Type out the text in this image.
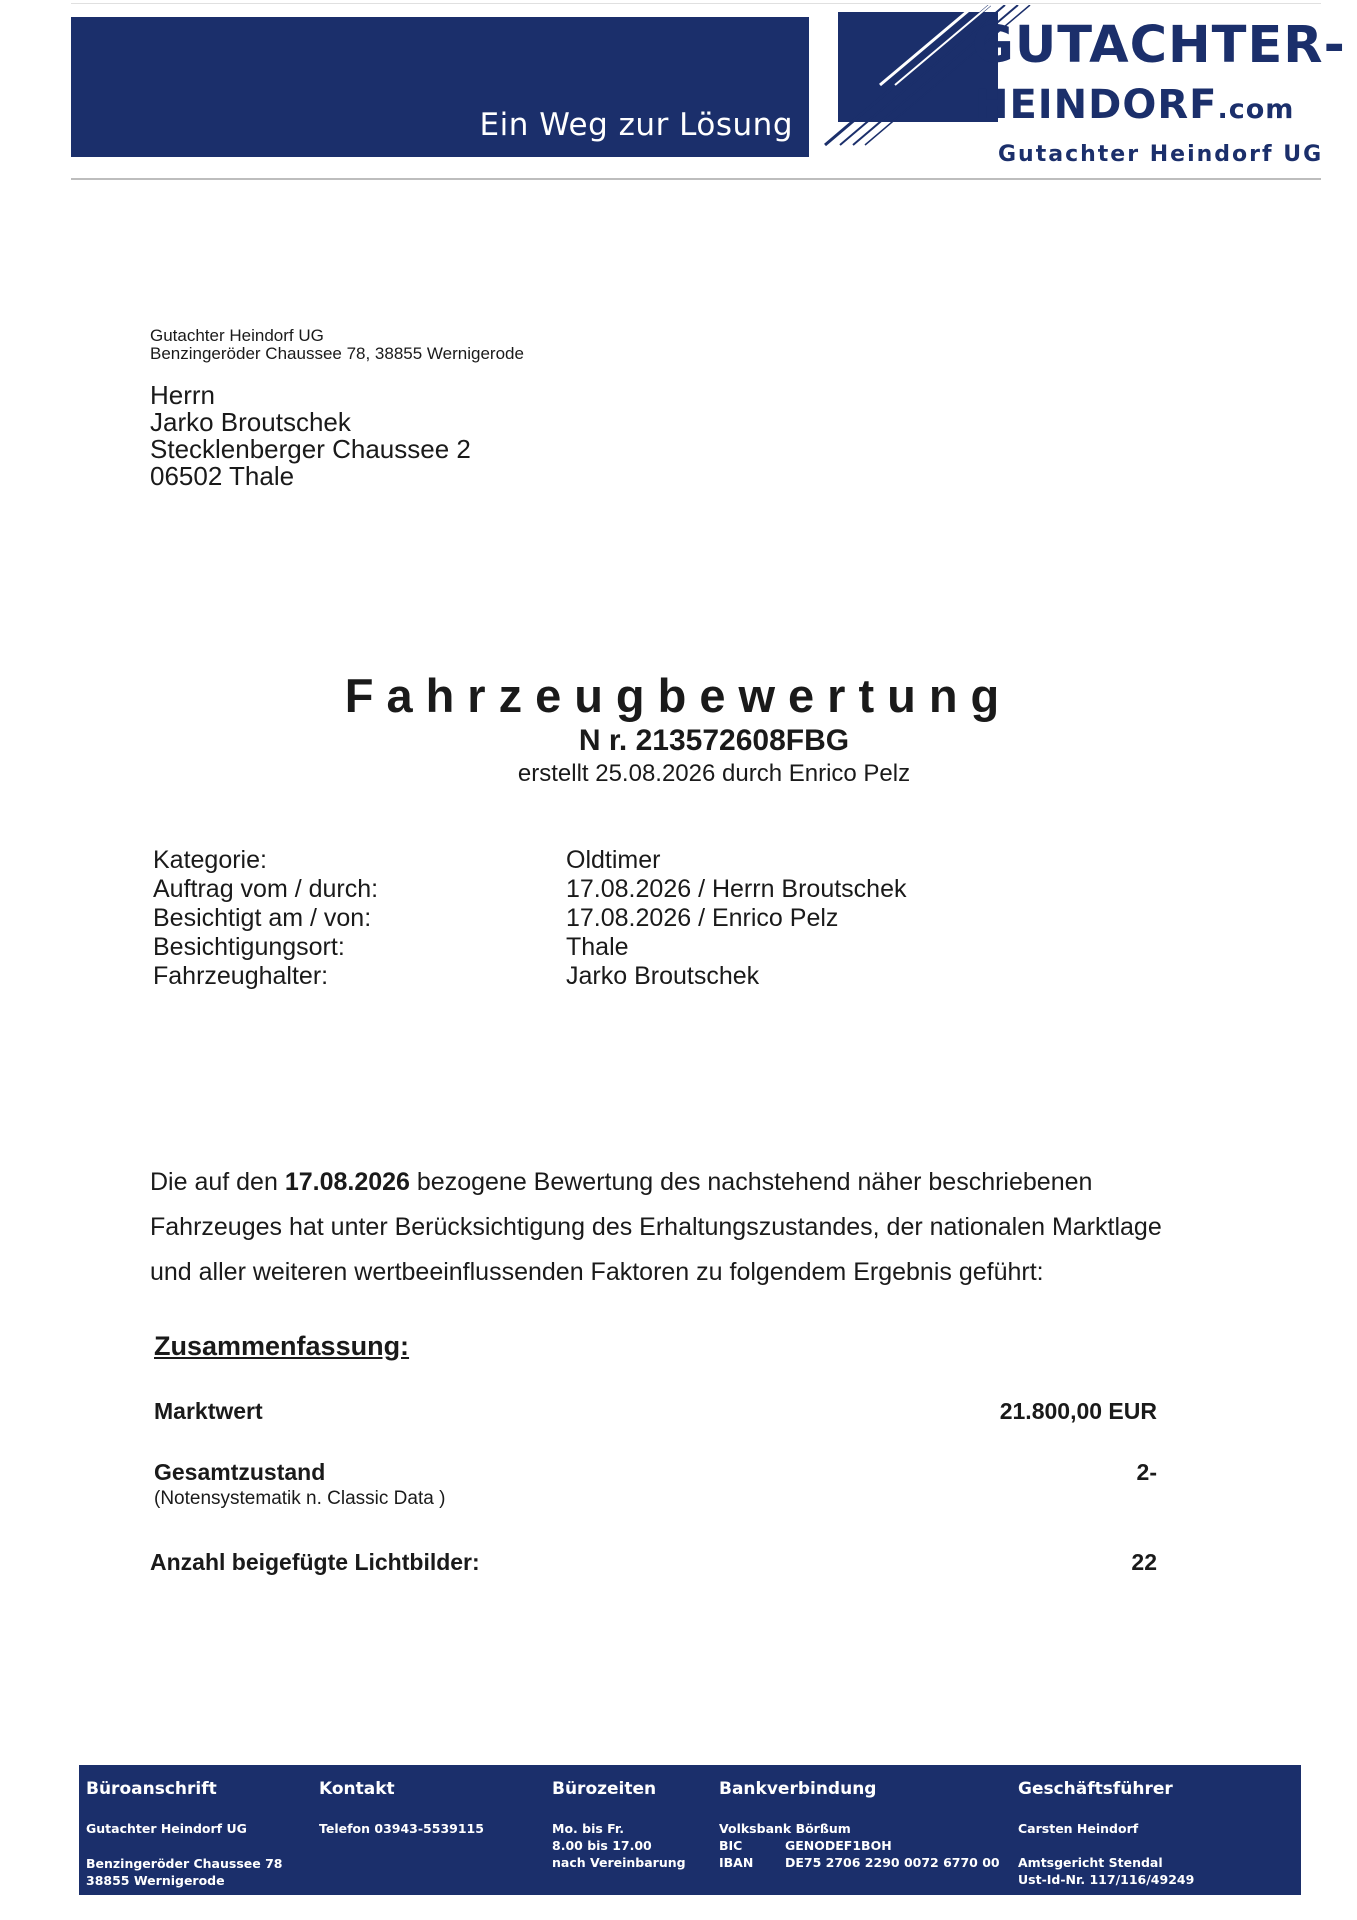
Ein Weg zur Lösung
GUTACHTER-
HEINDORF.com
Gutachter Heindorf UG
Gutachter Heindorf UG
Benzingeröder Chaussee 78, 38855 Wernigerode
Herrn
Jarko Broutschek
Stecklenberger Chaussee 2
06502 Thale
Fahrzeugbewertung
N r. 213572608FBG
erstellt 25.08.2026 durch Enrico Pelz
Kategorie:	Oldtimer
Auftrag vom / durch:	17.08.2026 / Herrn Broutschek
Besichtigt am / von:	17.08.2026 / Enrico Pelz
Besichtigungsort:	Thale
Fahrzeughalter:	Jarko Broutschek
Die auf den 17.08.2026 bezogene Bewertung des nachstehend näher beschriebenen
Fahrzeuges hat unter Berücksichtigung des Erhaltungszustandes, der nationalen Marktlage
und aller weiteren wertbeeinflussenden Faktoren zu folgendem Ergebnis geführt:
Zusammenfassung:
Marktwert	21.800,00 EUR
Gesamtzustand	2-
(Notensystematik n. Classic Data )
Anzahl beigefügte Lichtbilder:	22
Büroanschrift
Gutachter Heindorf UG
Benzingeröder Chaussee 78
38855 Wernigerode
Kontakt
Telefon 03943-5539115
Bürozeiten
Mo. bis Fr.
8.00 bis 17.00
nach Vereinbarung
Bankverbindung
Volksbank Börßum
BIC	GENODEF1BOH
IBAN	DE75 2706 2290 0072 6770 00
Geschäftsführer
Carsten Heindorf
Amtsgericht Stendal
Ust-Id-Nr. 117/116/49249
